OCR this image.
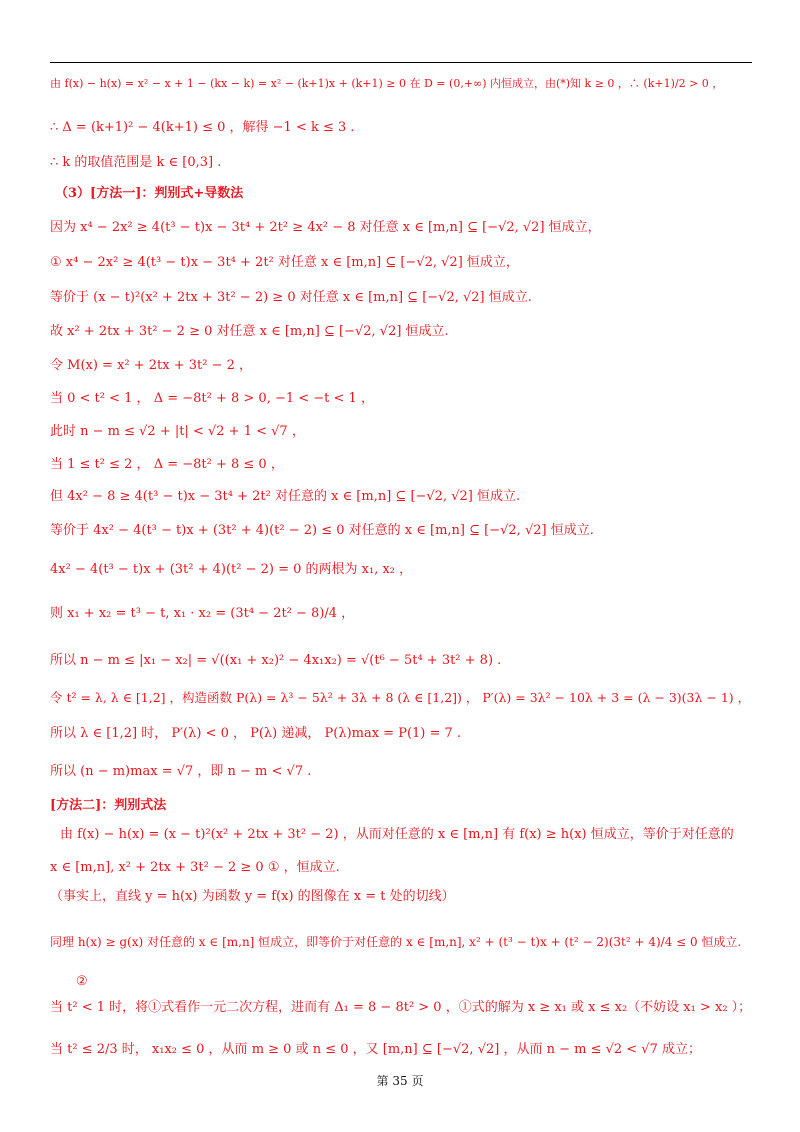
由 f(x) − h(x) = x² − x + 1 − (kx − k) = x² − (k+1)x + (k+1) ≥ 0 在 D = (0,+∞) 内恒成立，由(*)知 k ≥ 0 ，∴ (k+1)/2 > 0 ，
∴ Δ = (k+1)² − 4(k+1) ≤ 0 ，解得 −1 < k ≤ 3 .
∴ k 的取值范围是 k ∈ [0,3] .
（3）[方法一]：判别式+导数法
因为 x⁴ − 2x² ≥ 4(t³ − t)x − 3t⁴ + 2t² ≥ 4x² − 8 对任意 x ∈ [m,n] ⊆ [−√2, √2] 恒成立，
① x⁴ − 2x² ≥ 4(t³ − t)x − 3t⁴ + 2t² 对任意 x ∈ [m,n] ⊆ [−√2, √2] 恒成立，
等价于 (x − t)²(x² + 2tx + 3t² − 2) ≥ 0 对任意 x ∈ [m,n] ⊆ [−√2, √2] 恒成立.
故 x² + 2tx + 3t² − 2 ≥ 0 对任意 x ∈ [m,n] ⊆ [−√2, √2] 恒成立.
令 M(x) = x² + 2tx + 3t² − 2 ，
当 0 < t² < 1 ， Δ = −8t² + 8 > 0, −1 < −t < 1 ，
此时 n − m ≤ √2 + |t| < √2 + 1 < √7 ，
当 1 ≤ t² ≤ 2 ， Δ = −8t² + 8 ≤ 0 ，
但 4x² − 8 ≥ 4(t³ − t)x − 3t⁴ + 2t² 对任意的 x ∈ [m,n] ⊆ [−√2, √2] 恒成立.
等价于 4x² − 4(t³ − t)x + (3t² + 4)(t² − 2) ≤ 0 对任意的 x ∈ [m,n] ⊆ [−√2, √2] 恒成立.
4x² − 4(t³ − t)x + (3t² + 4)(t² − 2) = 0 的两根为 x₁, x₂ ，
则 x₁ + x₂ = t³ − t, x₁ · x₂ = (3t⁴ − 2t² − 8)/4 ，
所以 n − m ≤ |x₁ − x₂| = √((x₁ + x₂)² − 4x₁x₂) = √(t⁶ − 5t⁴ + 3t² + 8) .
令 t² = λ, λ ∈ [1,2] ，构造函数 P(λ) = λ³ − 5λ² + 3λ + 8 (λ ∈ [1,2]) ， P′(λ) = 3λ² − 10λ + 3 = (λ − 3)(3λ − 1) ，
所以 λ ∈ [1,2] 时， P′(λ) < 0 ， P(λ) 递减， P(λ)max = P(1) = 7 .
所以 (n − m)max = √7 ，即 n − m < √7 .
[方法二]：判别式法
由 f(x) − h(x) = (x − t)²(x² + 2tx + 3t² − 2) ，从而对任意的 x ∈ [m,n] 有 f(x) ≥ h(x) 恒成立，等价于对任意的
x ∈ [m,n], x² + 2tx + 3t² − 2 ≥ 0 ① ，恒成立.
（事实上，直线 y = h(x) 为函数 y = f(x) 的图像在 x = t 处的切线）
同理 h(x) ≥ g(x) 对任意的 x ∈ [m,n] 恒成立，即等价于对任意的 x ∈ [m,n], x² + (t³ − t)x + (t² − 2)(3t² + 4)/4 ≤ 0 恒成立.
②
当 t² < 1 时，将①式看作一元二次方程，进而有 Δ₁ = 8 − 8t² > 0 ，①式的解为 x ≥ x₁ 或 x ≤ x₂（不妨设 x₁ > x₂ ）；
当 t² ≤ 2/3 时， x₁x₂ ≤ 0 ，从而 m ≥ 0 或 n ≤ 0 ，又 [m,n] ⊆ [−√2, √2] ，从而 n − m ≤ √2 < √7 成立；
第 35 页
